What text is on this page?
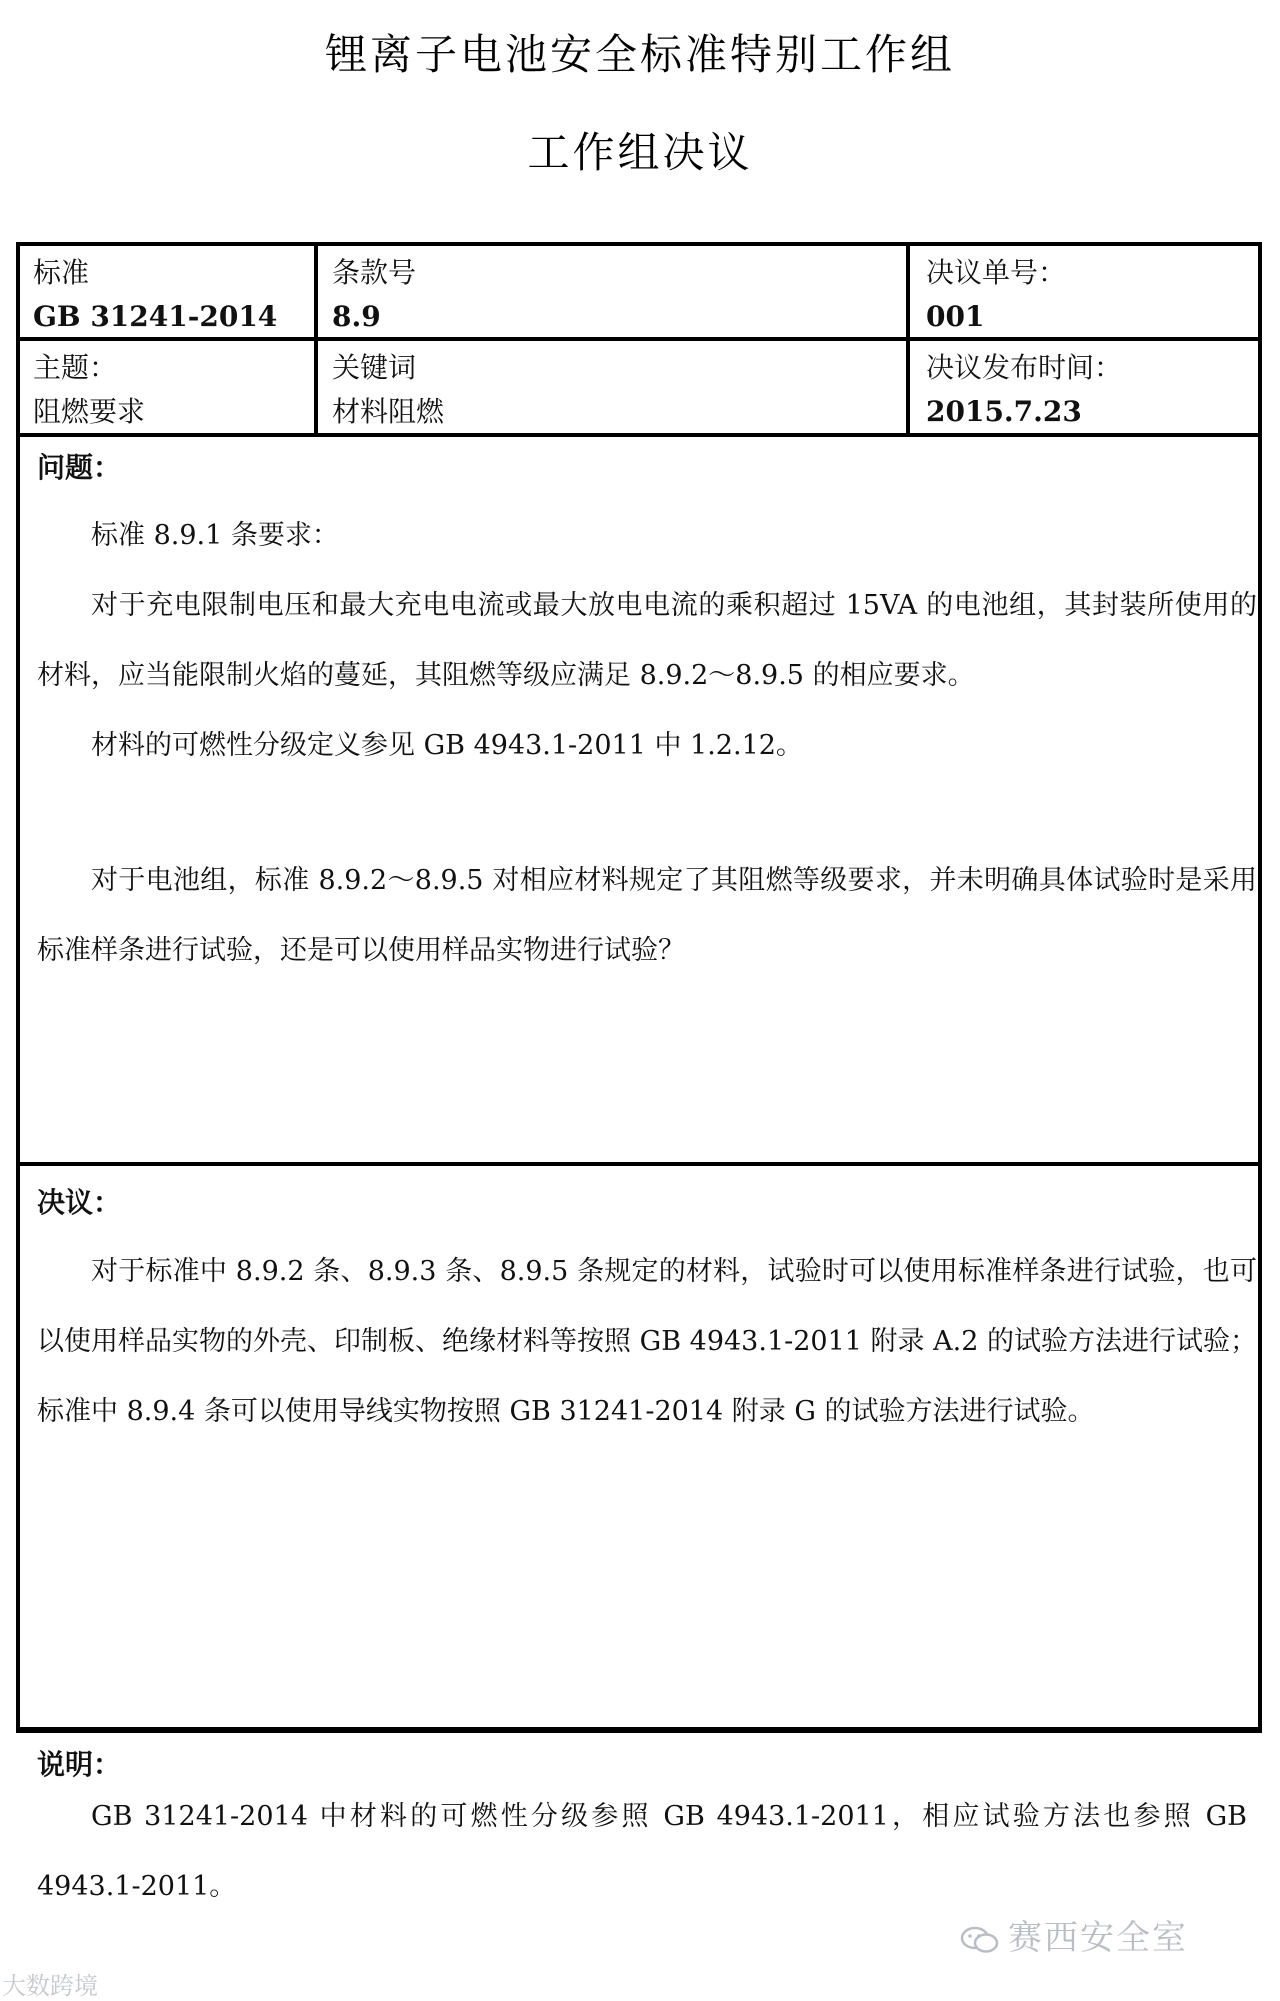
锂离子电池安全标准特别工作组
工作组决议
标准
GB 31241-2014
条款号
8.9
决议单号：
001
主题：
阻燃要求
关键词
材料阻燃
决议发布时间：
2015.7.23
问题：

标准 8.9.1 条要求：

对于充电限制电压和最大充电电流或最大放电电流的乘积超过 15VA 的电池组，其封装所使用的材料，应当能限制火焰的蔓延，其阻燃等级应满足 8.9.2～8.9.5 的相应要求。

材料的可燃性分级定义参见 GB 4943.1-2011 中 1.2.12。

对于电池组，标准 8.9.2～8.9.5 对相应材料规定了其阻燃等级要求，并未明确具体试验时是采用标准样条进行试验，还是可以使用样品实物进行试验？

决议：

对于标准中 8.9.2 条、8.9.3 条、8.9.5 条规定的材料，试验时可以使用标准样条进行试验，也可以使用样品实物的外壳、印制板、绝缘材料等按照 GB 4943.1-2011 附录 A.2 的试验方法进行试验；标准中 8.9.4 条可以使用导线实物按照 GB 31241-2014 附录 G 的试验方法进行试验。

说明：

GB 31241-2014 中材料的可燃性分级参照 GB 4943.1-2011，相应试验方法也参照 GB 4943.1-2011。

赛西安全室
大数跨境
